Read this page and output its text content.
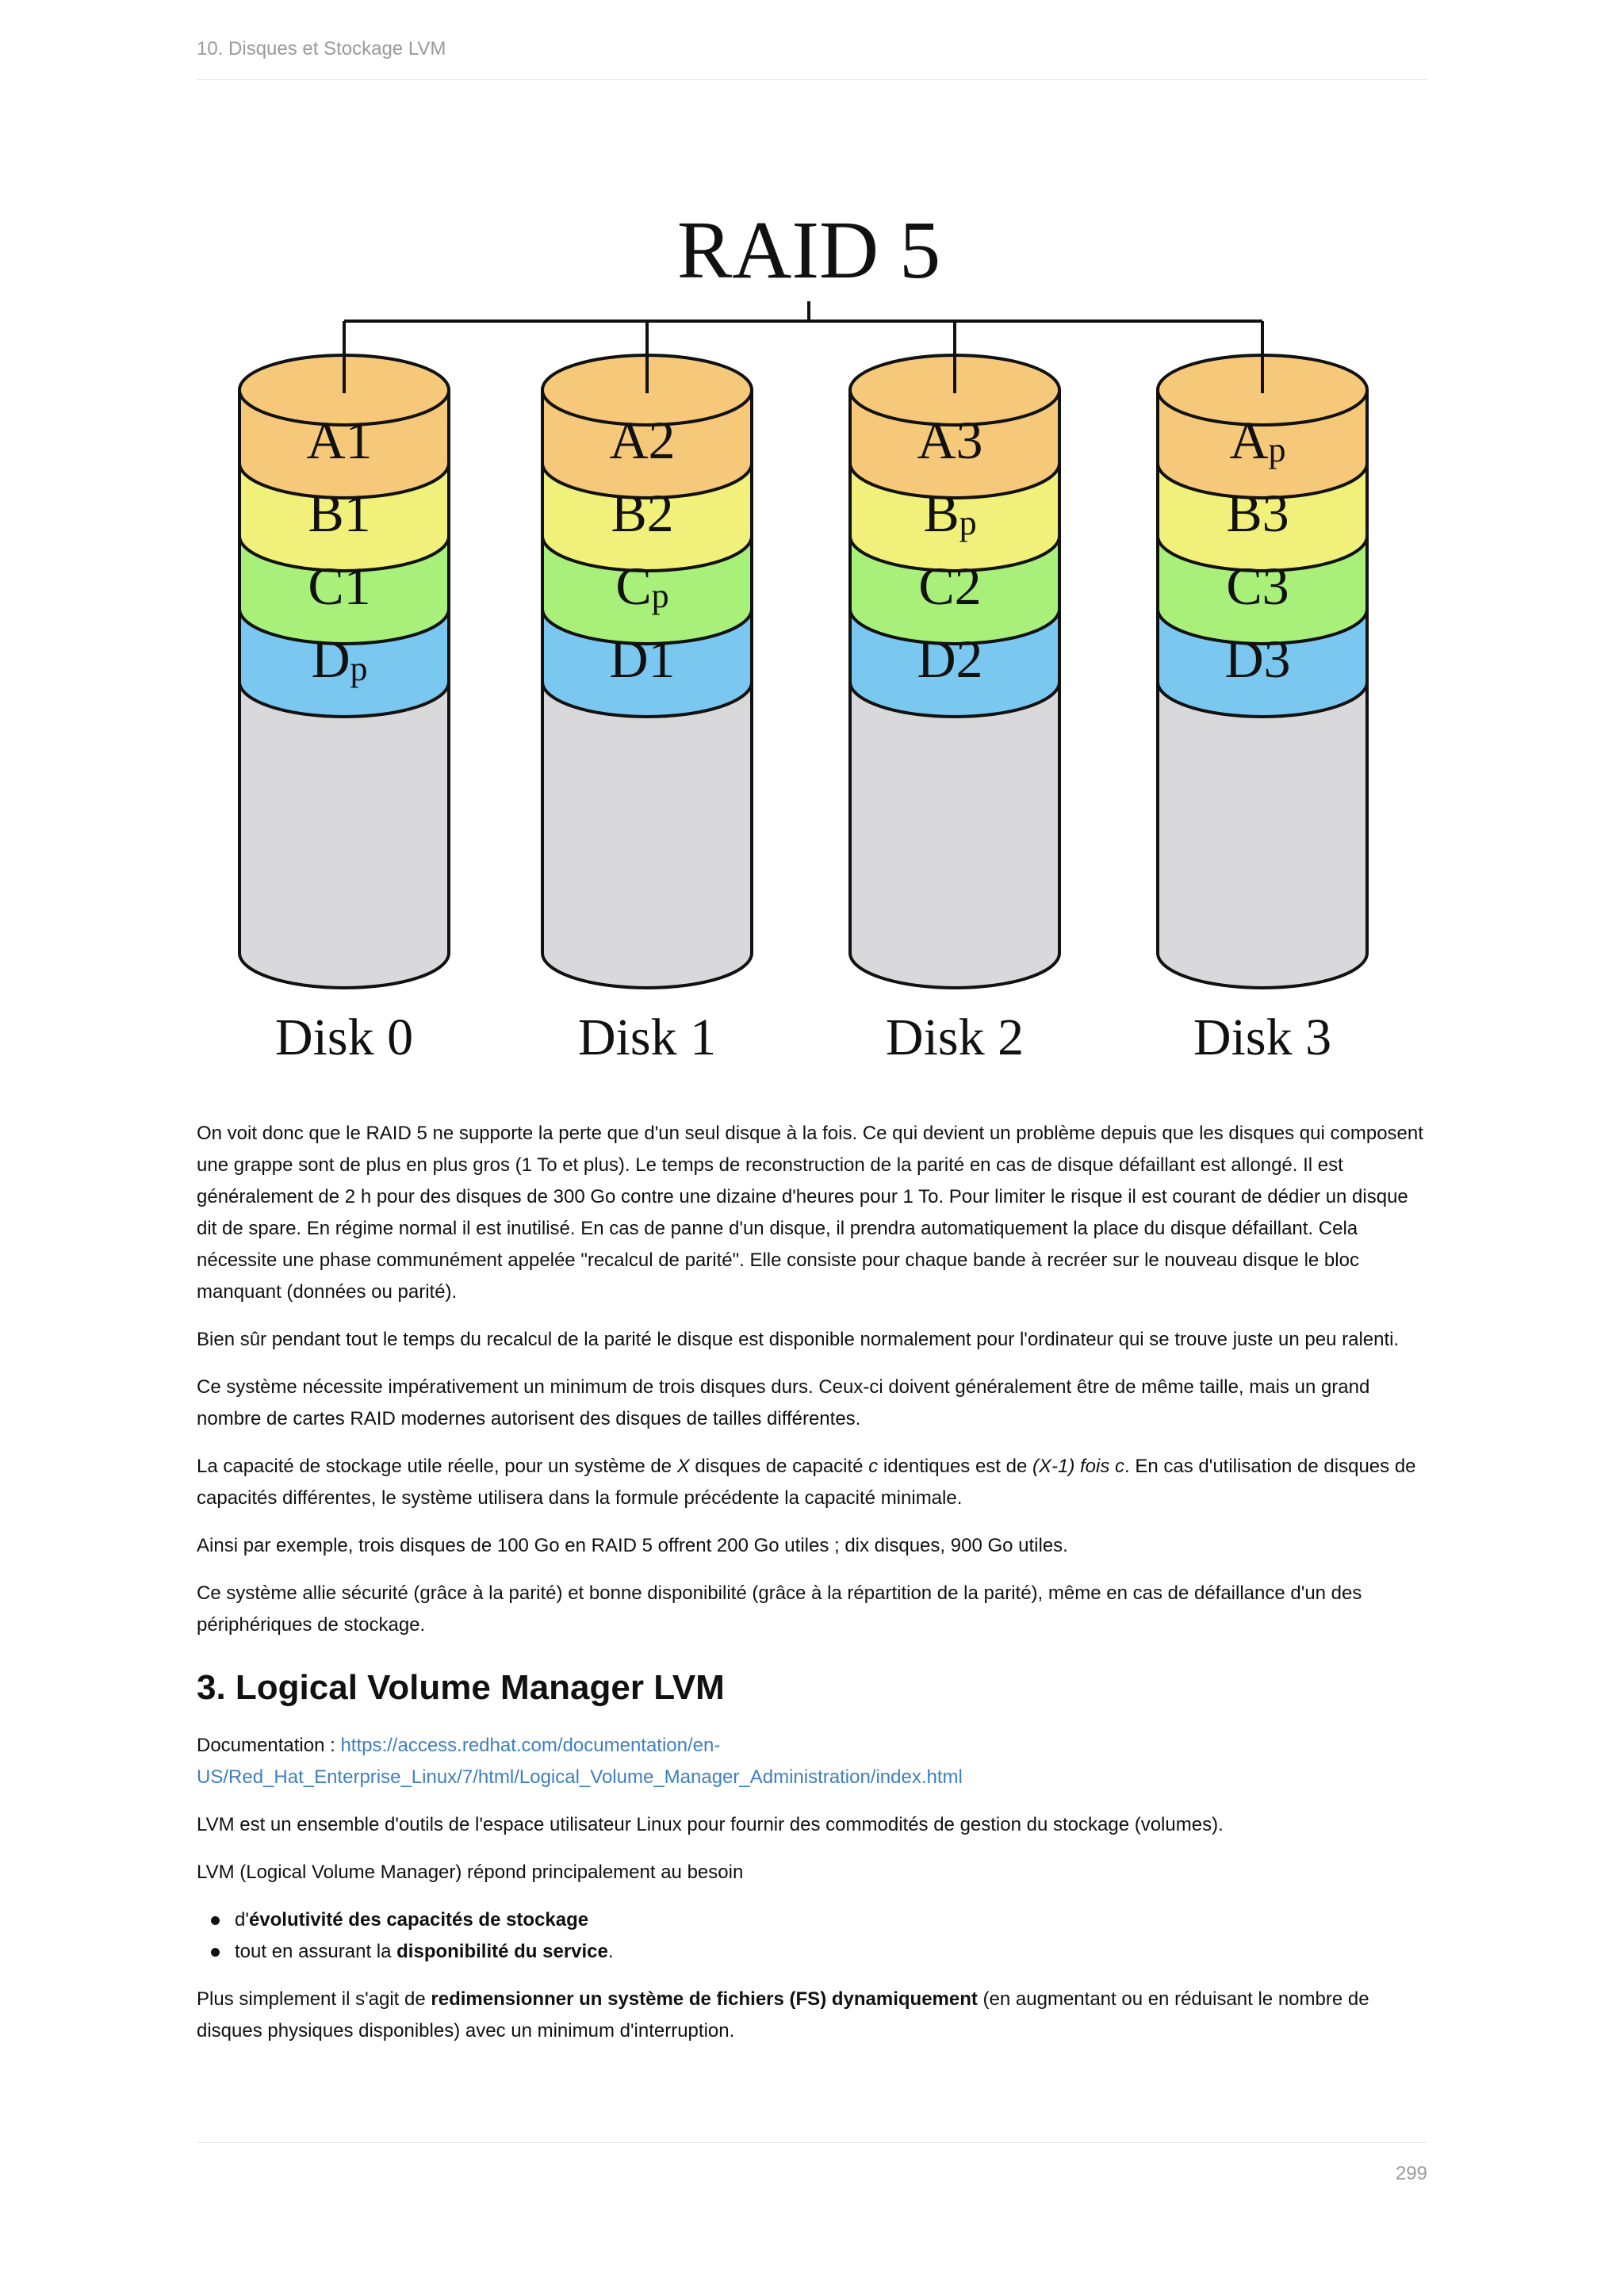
10. Disques et Stockage LVM
RAID 5
A1
B1
C1
Dp
Disk 0
A2
B2
Cp
D1
Disk 1
A3
Bp
C2
D2
Disk 2
Ap
B3
C3
D3
Disk 3

On voit donc que le RAID 5 ne supporte la perte que d'un seul disque à la fois. Ce qui devient un problème depuis que les disques qui composent une grappe sont de plus en plus gros (1 To et plus). Le temps de reconstruction de la parité en cas de disque défaillant est allongé. Il est généralement de 2 h pour des disques de 300 Go contre une dizaine d'heures pour 1 To. Pour limiter le risque il est courant de dédier un disque dit de spare. En régime normal il est inutilisé. En cas de panne d'un disque, il prendra automatiquement la place du disque défaillant. Cela nécessite une phase communément appelée "recalcul de parité". Elle consiste pour chaque bande à recréer sur le nouveau disque le bloc manquant (données ou parité).

Bien sûr pendant tout le temps du recalcul de la parité le disque est disponible normalement pour l'ordinateur qui se trouve juste un peu ralenti.

Ce système nécessite impérativement un minimum de trois disques durs. Ceux-ci doivent généralement être de même taille, mais un grand nombre de cartes RAID modernes autorisent des disques de tailles différentes.

La capacité de stockage utile réelle, pour un système de X disques de capacité c identiques est de (X-1) fois c. En cas d'utilisation de disques de capacités différentes, le système utilisera dans la formule précédente la capacité minimale.

Ainsi par exemple, trois disques de 100 Go en RAID 5 offrent 200 Go utiles ; dix disques, 900 Go utiles.

Ce système allie sécurité (grâce à la parité) et bonne disponibilité (grâce à la répartition de la parité), même en cas de défaillance d'un des périphériques de stockage.

3. Logical Volume Manager LVM

Documentation : https://access.redhat.com/documentation/en-US/Red_Hat_Enterprise_Linux/7/html/Logical_Volume_Manager_Administration/index.html

LVM est un ensemble d'outils de l'espace utilisateur Linux pour fournir des commodités de gestion du stockage (volumes).

LVM (Logical Volume Manager) répond principalement au besoin

d'évolutivité des capacités de stockage
tout en assurant la disponibilité du service.

Plus simplement il s'agit de redimensionner un système de fichiers (FS) dynamiquement (en augmentant ou en réduisant le nombre de disques physiques disponibles) avec un minimum d'interruption.

299
